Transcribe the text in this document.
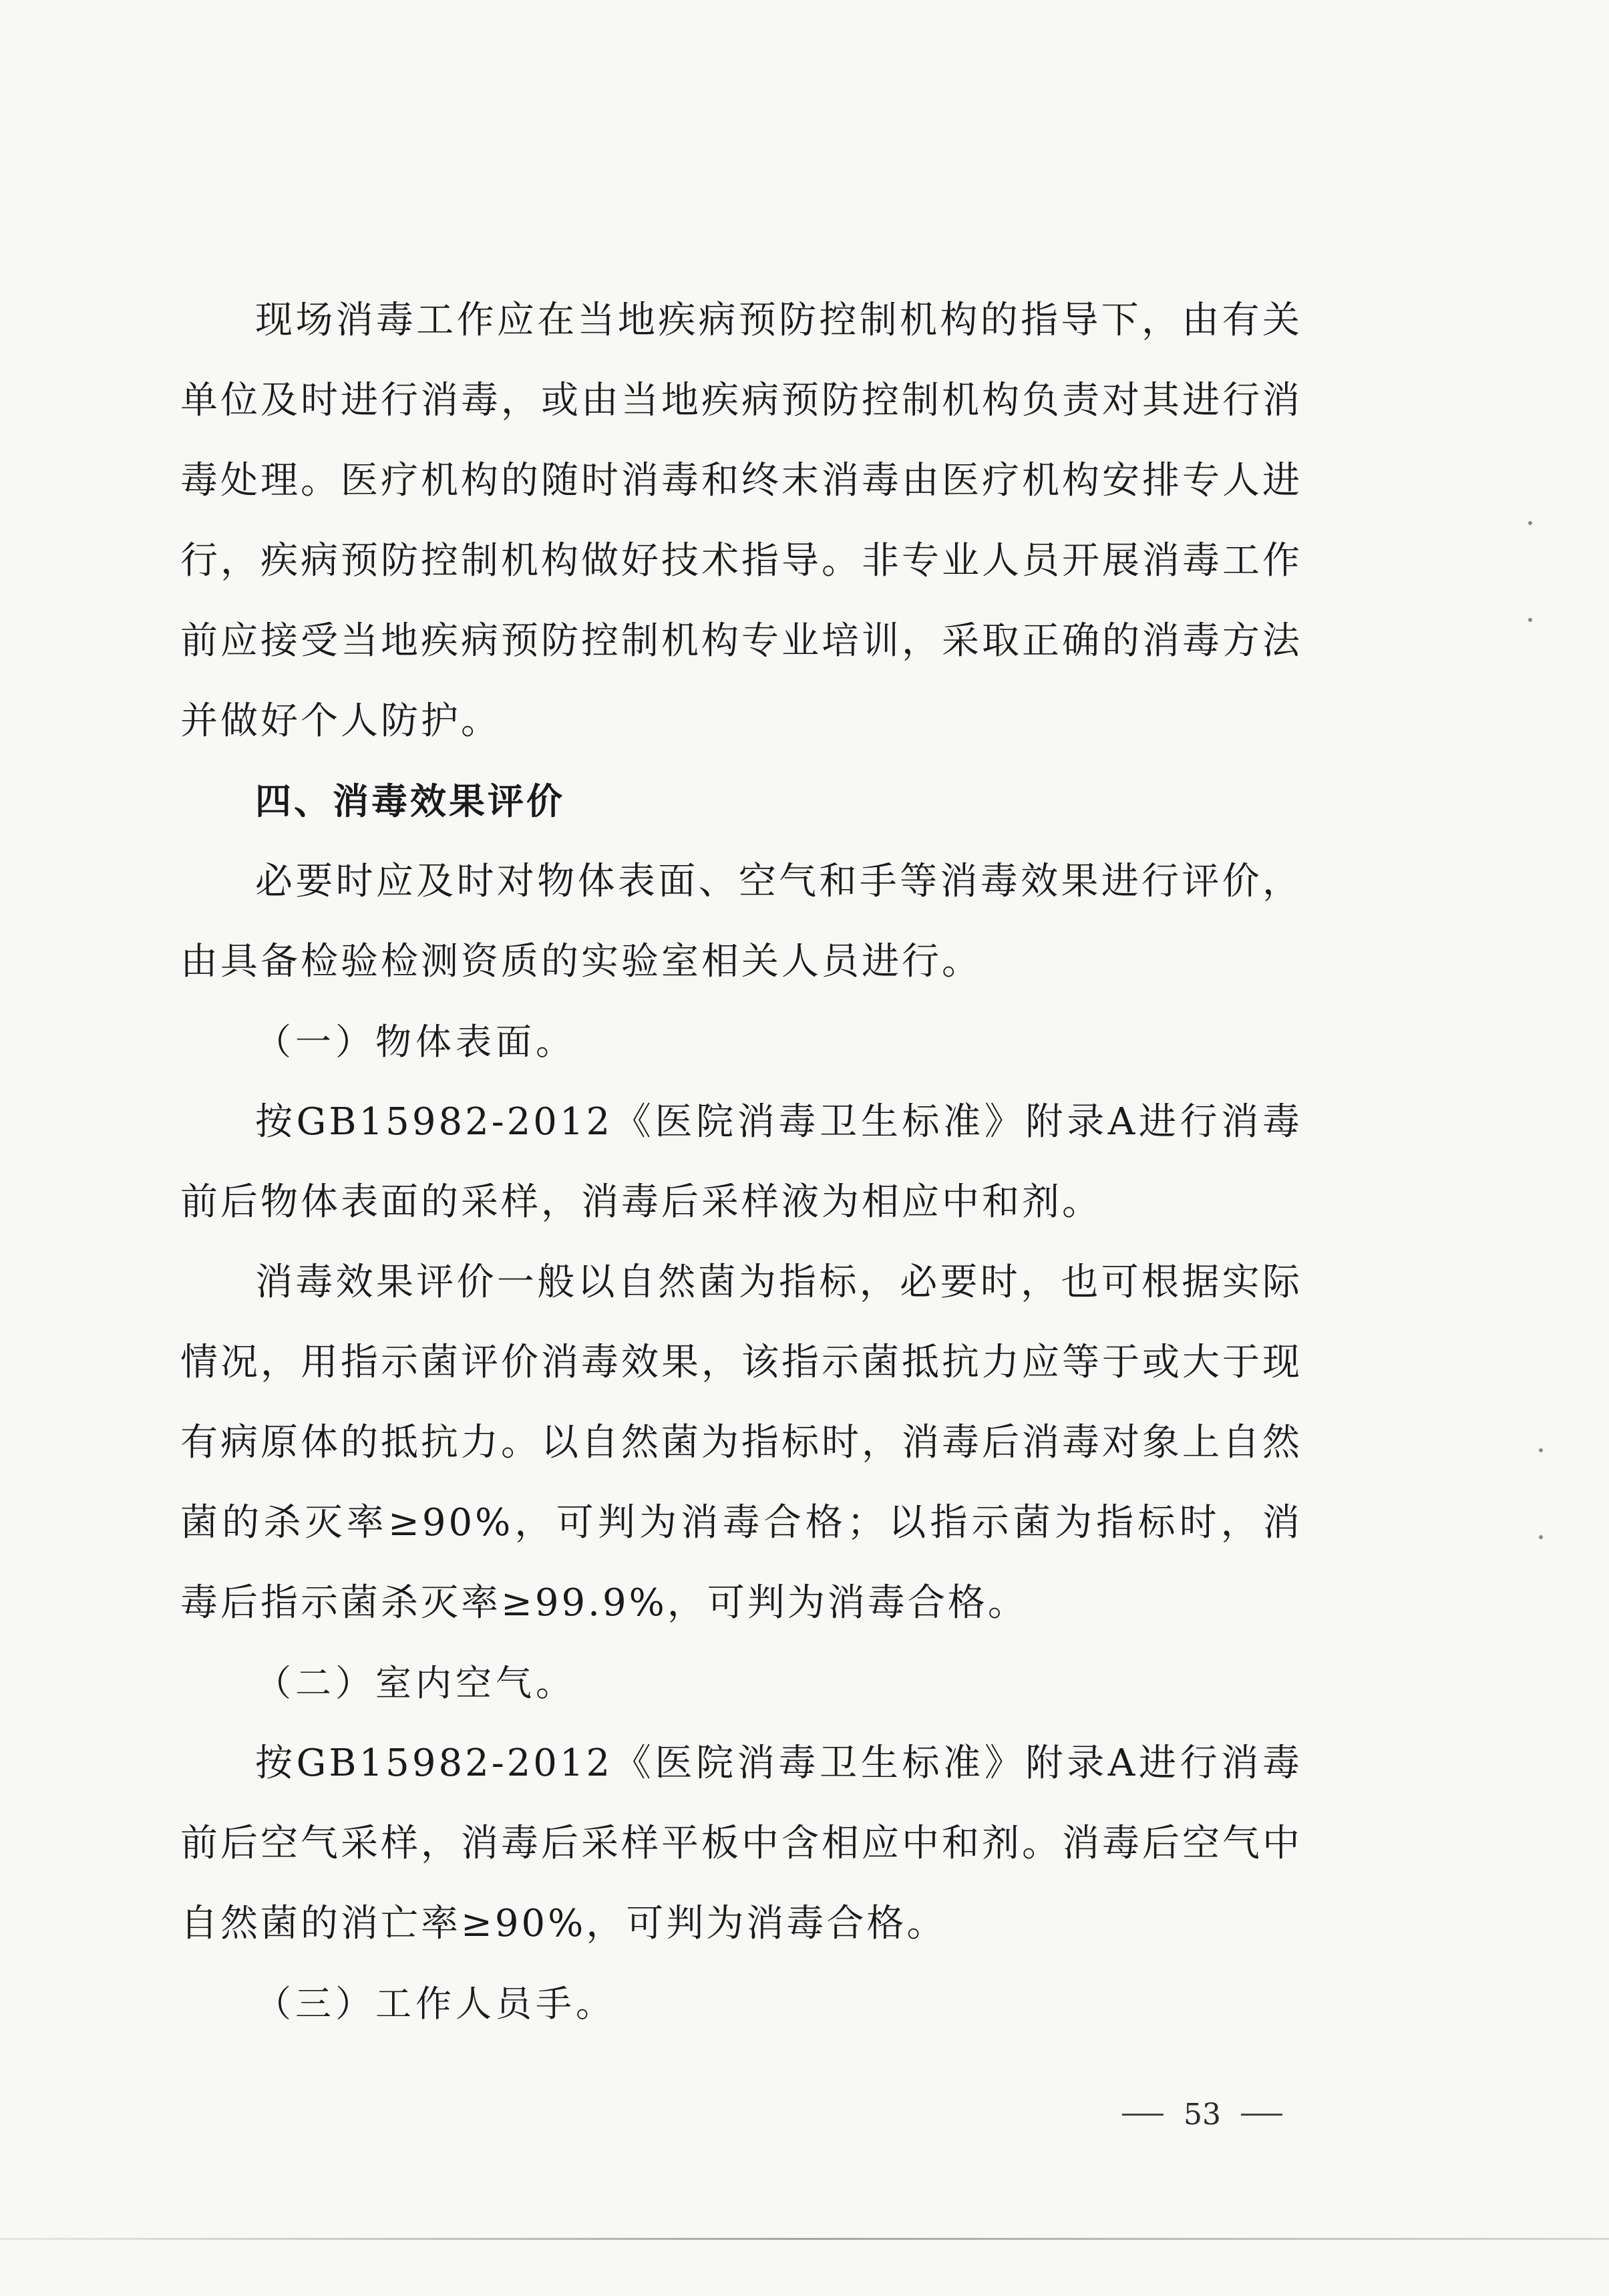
现场消毒工作应在当地疾病预防控制机构的指导下，由有关单位及时进行消毒，或由当地疾病预防控制机构负责对其进行消毒处理。医疗机构的随时消毒和终末消毒由医疗机构安排专人进行，疾病预防控制机构做好技术指导。非专业人员开展消毒工作前应接受当地疾病预防控制机构专业培训，采取正确的消毒方法并做好个人防护。

四、消毒效果评价

必要时应及时对物体表面、空气和手等消毒效果进行评价，由具备检验检测资质的实验室相关人员进行。

（一）物体表面。

按GB15982-2012《医院消毒卫生标准》附录A进行消毒前后物体表面的采样，消毒后采样液为相应中和剂。

消毒效果评价一般以自然菌为指标，必要时，也可根据实际情况，用指示菌评价消毒效果，该指示菌抵抗力应等于或大于现有病原体的抵抗力。以自然菌为指标时，消毒后消毒对象上自然菌的杀灭率≥90%，可判为消毒合格；以指示菌为指标时，消毒后指示菌杀灭率≥99.9%，可判为消毒合格。

（二）室内空气。

按GB15982-2012《医院消毒卫生标准》附录A进行消毒前后空气采样，消毒后采样平板中含相应中和剂。消毒后空气中自然菌的消亡率≥90%，可判为消毒合格。

（三）工作人员手。

53
